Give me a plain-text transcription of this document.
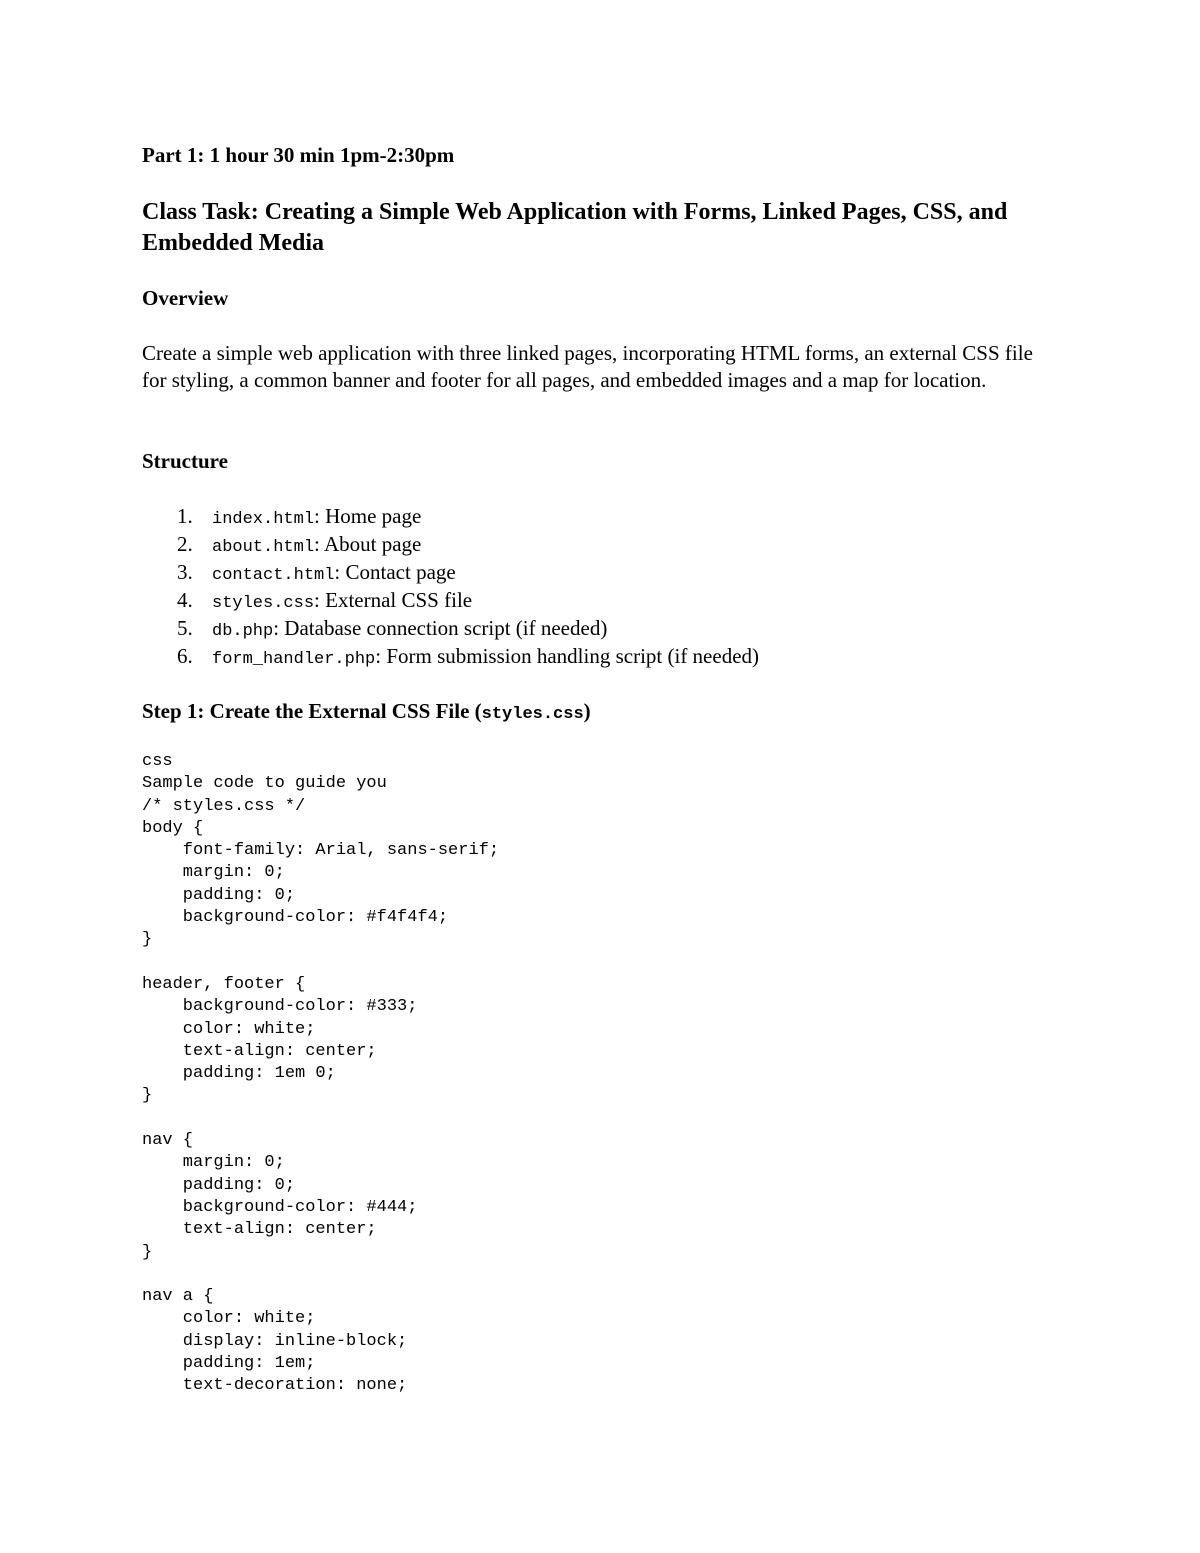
Part 1: 1 hour 30 min 1pm-2:30pm
Class Task: Creating a Simple Web Application with Forms, Linked Pages, CSS, and Embedded Media
Overview
Create a simple web application with three linked pages, incorporating HTML forms, an external CSS file for styling, a common banner and footer for all pages, and embedded images and a map for location.
Structure
1. index.html: Home page
2. about.html: About page
3. contact.html: Contact page
4. styles.css: External CSS file
5. db.php: Database connection script (if needed)
6. form_handler.php: Form submission handling script (if needed)
Step 1: Create the External CSS File (styles.css)
css
Sample code to guide you
/* styles.css */
body {
font-family: Arial, sans-serif;
margin: 0;
padding: 0;
background-color: #f4f4f4;
}

header, footer {
background-color: #333;
color: white;
text-align: center;
padding: 1em 0;
}

nav {
margin: 0;
padding: 0;
background-color: #444;
text-align: center;
}

nav a {
color: white;
display: inline-block;
padding: 1em;
text-decoration: none;
